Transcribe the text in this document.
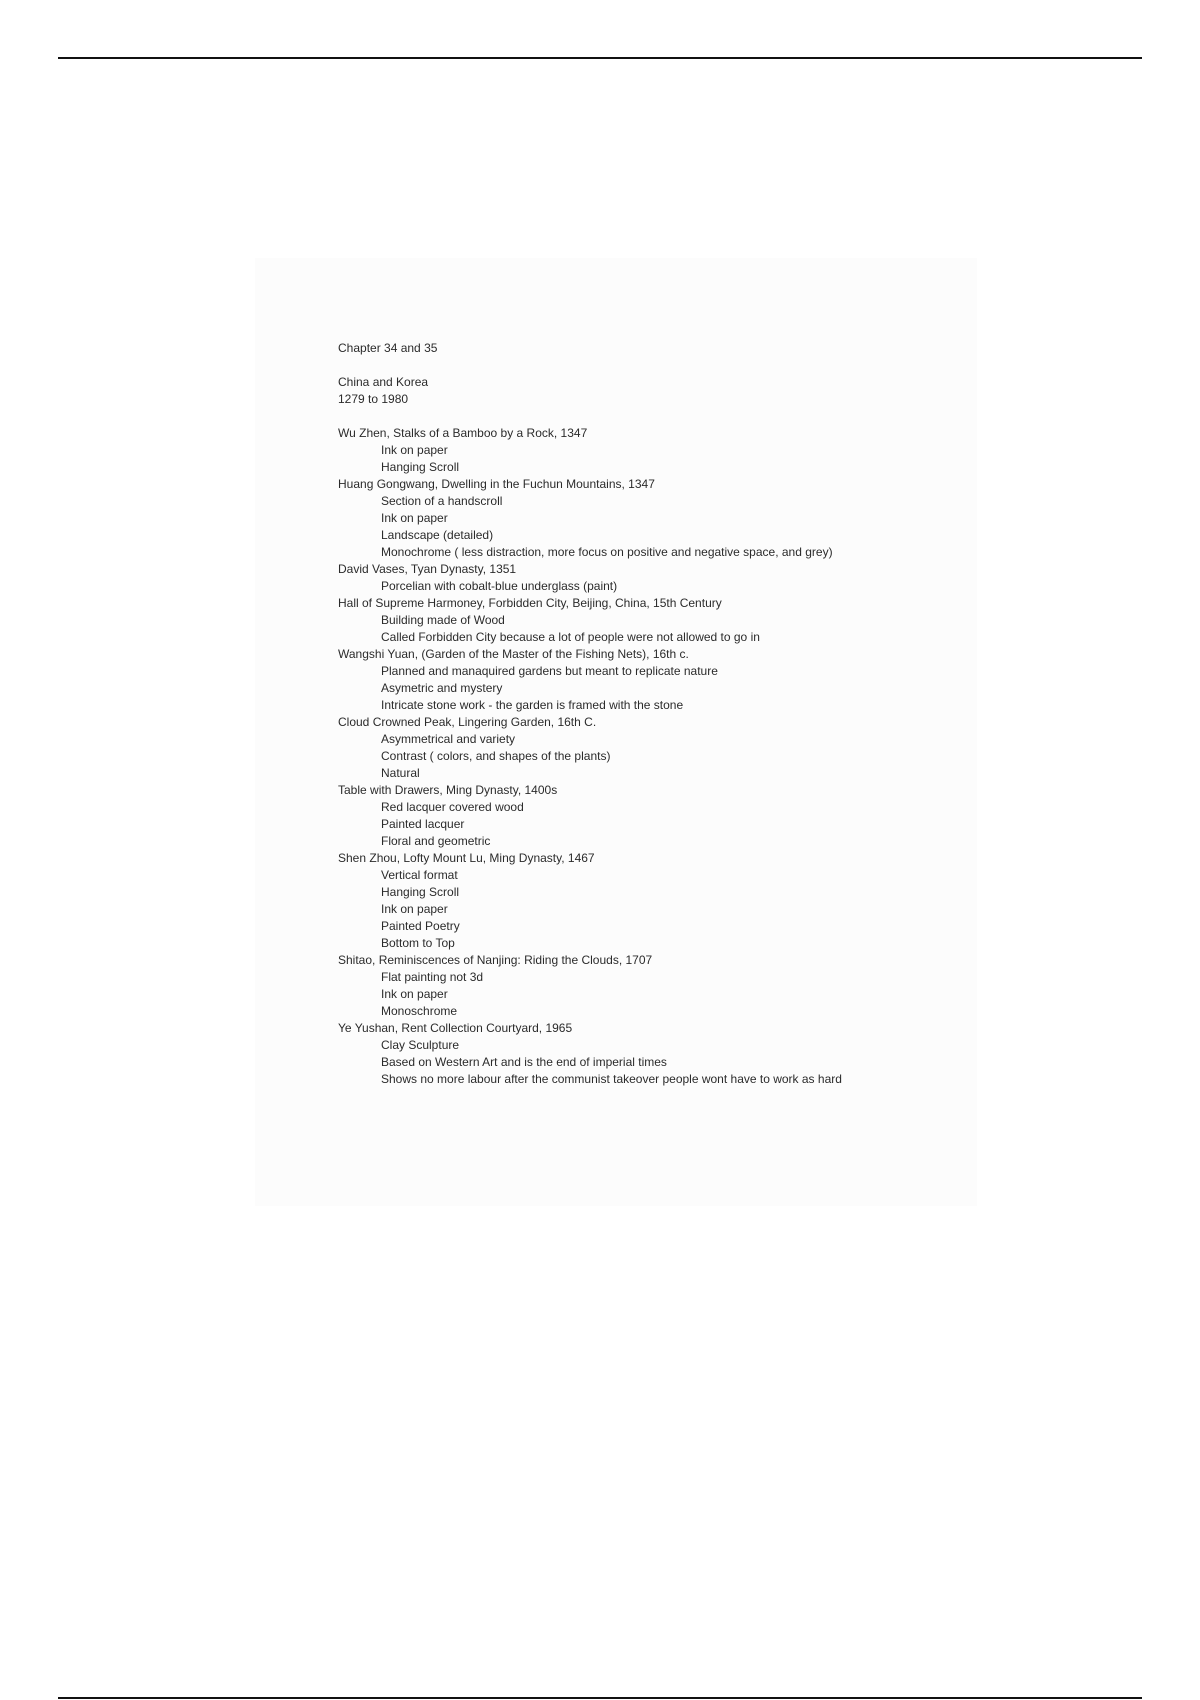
Chapter 34 and 35
China and Korea
1279 to 1980
Wu Zhen, Stalks of a Bamboo by a Rock, 1347
Ink on paper
Hanging Scroll
Huang Gongwang, Dwelling in the Fuchun Mountains, 1347
Section of a handscroll
Ink on paper
Landscape (detailed)
Monochrome ( less distraction, more focus on positive and negative space, and grey)
David Vases, Tyan Dynasty, 1351
Porcelian with cobalt-blue underglass (paint)
Hall of Supreme Harmoney, Forbidden City, Beijing, China, 15th Century
Building made of Wood
Called Forbidden City because a lot of people were not allowed to go in
Wangshi Yuan, (Garden of the Master of the Fishing Nets), 16th c.
Planned and manaquired gardens but meant to replicate nature
Asymetric and mystery
Intricate stone work - the garden is framed with the stone
Cloud Crowned Peak, Lingering Garden, 16th C.
Asymmetrical and variety
Contrast ( colors, and shapes of the plants)
Natural
Table with Drawers, Ming Dynasty, 1400s
Red lacquer covered wood
Painted lacquer
Floral and geometric
Shen Zhou, Lofty Mount Lu, Ming Dynasty, 1467
Vertical format
Hanging Scroll
Ink on paper
Painted Poetry
Bottom to Top
Shitao, Reminiscences of Nanjing: Riding the Clouds, 1707
Flat painting not 3d
Ink on paper
Monoschrome
Ye Yushan, Rent Collection Courtyard, 1965
Clay Sculpture
Based on Western Art and is the end of imperial times
Shows no more labour after the communist takeover people wont have to work as hard
